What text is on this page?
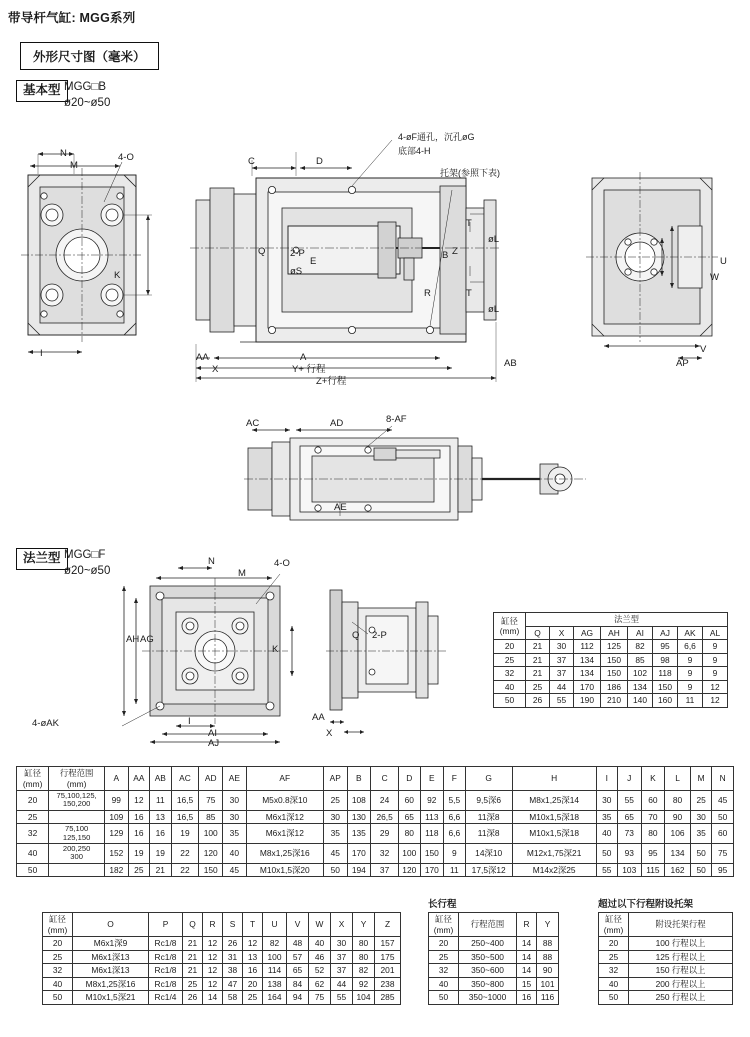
带导杆气缸: MGG系列
外形尺寸图（毫米）
基本型 MGG□B
ø20~ø50
N
M
4-O	C	D
T
øL
T
øL
2-P
øS
E
B
Q
R
K
I	AA
X
A
Y+ 行程
Z+行程
AB
Z
U
W
V
AP
4-øF通孔，沉孔øG
底部4-H
托架(参照下表)
AC	AD	8-AF
AE
法兰型 MGG□F
ø20~ø50
N
M
4-O
AH AG
K
Q 2-P
I
AI
AJ
4-øAK
AA
X
缸径
(mm)	法兰型							
	Q	X	AG	AH	AI	AJ	AK	AL
20	21	30	112	125	82	95	6,6	9
25	21	37	134	150	85	98	9	9
32	21	37	134	150	102	118	9	9
40	25	44	170	186	134	150	9	12
50	26	55	190	210	140	160	11	12
缸径
(mm)	行程范围
(mm)	A	AA	AB	AC	AD	AE	AF	AP	B	C	D	E	F	G	H	I	J	K	L	M	N
20	75,100,125,
150,200	99	12	11	16,5	75	30	M5x0.8深10	25	108	24	60	92	5,5	9,5深6	M8x1,25深14	30	55	60	80	25	45
25		109	16	13	16,5	85	30	M6x1深12	30	130	26,5	65	113	6,6	11深8	M10x1,5深18	35	65	70	90	30	50
32	75,100
125,150	129	16	16	19	100	35	M6x1深12	35	135	29	80	118	6,6	11深8	M10x1,5深18	40	73	80	106	35	60
40	200,250
300	152	19	19	22	120	40	M8x1,25深16	45	170	32	100	150	9	14深10	M12x1,75深21	50	93	95	134	50	75
50		182	25	21	22	150	45	M10x1,5深20	50	194	37	120	170	11	17,5深12	M14x2深25	55	103	115	162	50	95
长行程	超过以下行程附设托架
缸径
(mm)	O	P	Q	R	S	T	U	V	W	X	Y	Z
20	M6x1深9	Rc1/8	21	12	26	12	82	48	40	30	80	157
25	M6x1深13	Rc1/8	21	12	31	13	100	57	46	37	80	175
32	M6x1深13	Rc1/8	21	12	38	16	114	65	52	37	82	201
40	M8x1,25深16	Rc1/8	25	12	47	20	138	84	62	44	92	238
50	M10x1,5深21	Rc1/4	26	14	58	25	164	94	75	55	104	285
缸径
(mm)	行程范围	R	Y
20	250~400	14	88
25	350~500	14	88
32	350~600	14	90
40	350~800	15	101
50	350~1000	16	116
缸径
(mm)	附设托架行程
20	100 行程以上
25	125 行程以上
32	150 行程以上
40	200 行程以上
50	250 行程以上
